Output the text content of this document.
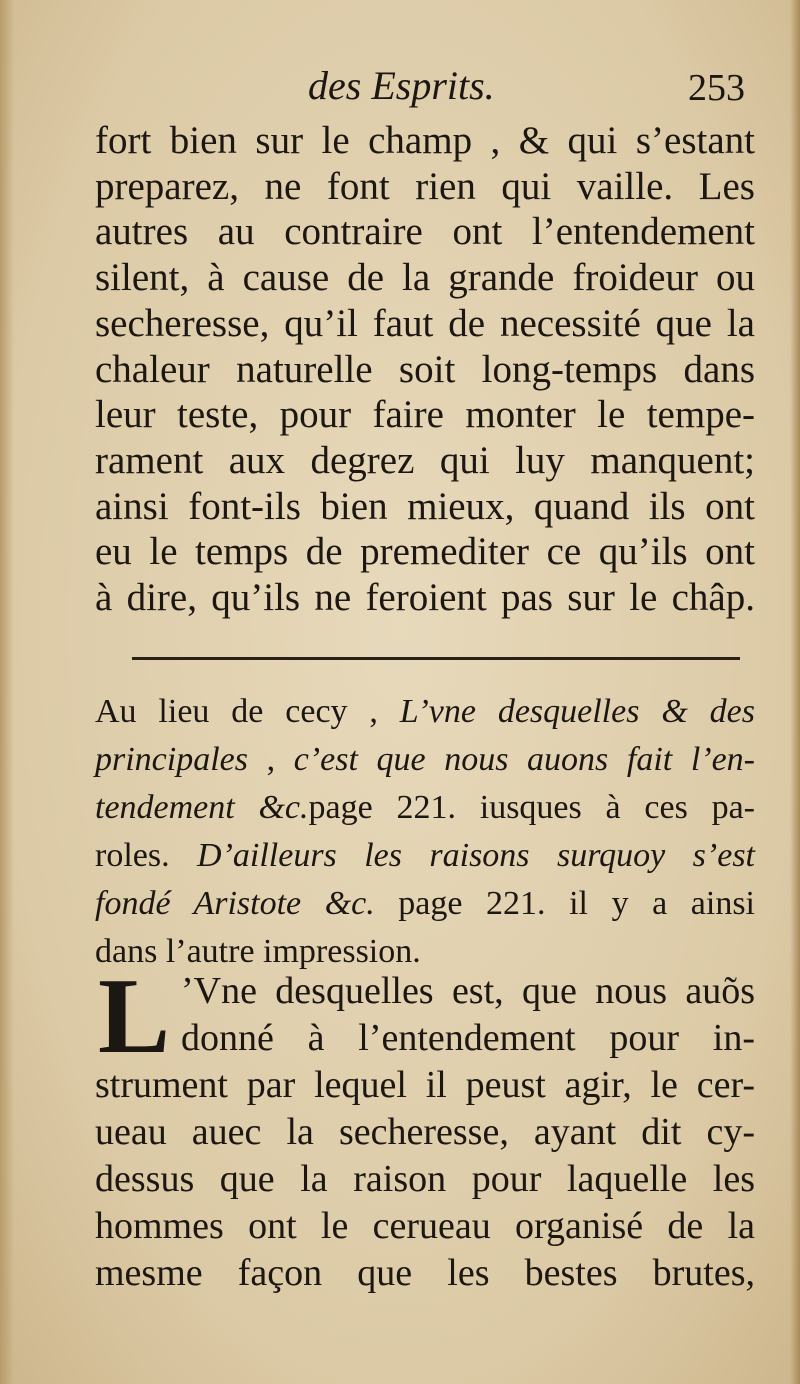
des Esprits.	253
fort bien sur le champ , & qui s’estant
preparez, ne font rien qui vaille. Les
autres au contraire ont l’entendement
silent, à cause de la grande froideur ou
secheresse, qu’il faut de necessité que la
chaleur naturelle soit long-temps dans
leur teste, pour faire monter le tempe-
rament aux degrez qui luy manquent;
ainsi font-ils bien mieux, quand ils ont
eu le temps de premediter ce qu’ils ont
à dire, qu’ils ne feroient pas sur le châp.
Au lieu de cecy , L’vne desquelles & des
principales , c’est que nous auons fait l’en-
tendement &c.page 221. iusques à ces pa-
roles. D’ailleurs les raisons surquoy s’est
fondé Aristote &c. page 221. il y a ainsi
dans l’autre impression.
L ’Vne desquelles est, que nous auõs
donné à l’entendement pour in-
strument par lequel il peust agir, le cer-
ueau auec la secheresse, ayant dit cy-
dessus que la raison pour laquelle les
hommes ont le cerueau organisé de la
mesme façon que les bestes brutes,
